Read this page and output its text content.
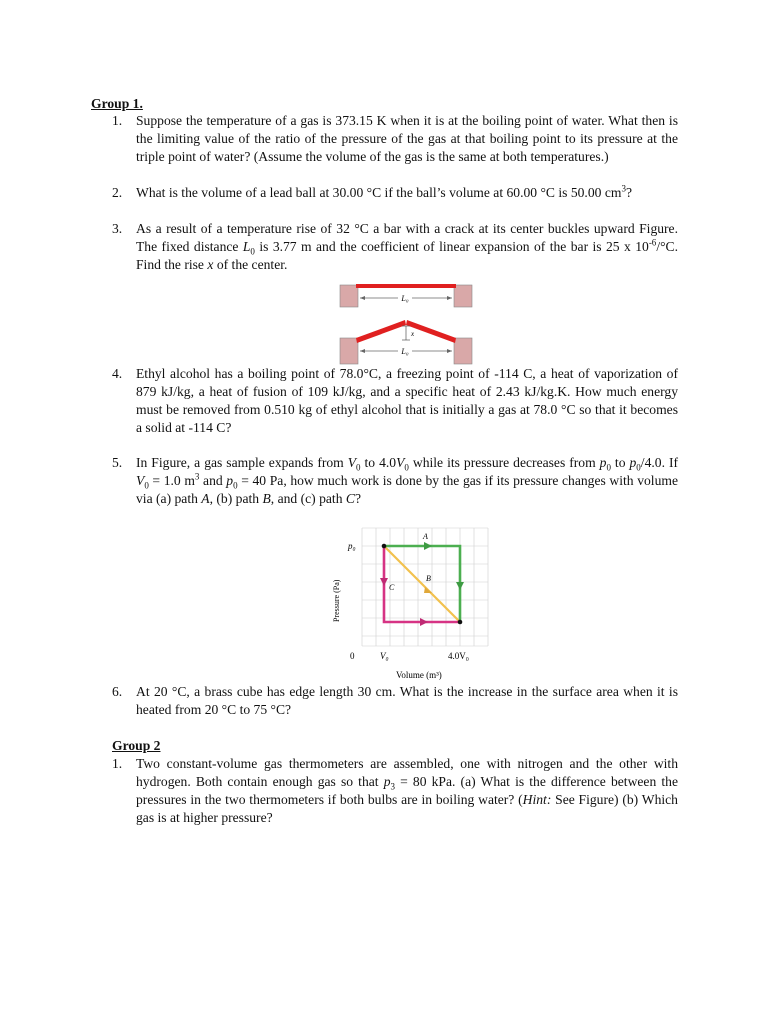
Group 1.
1. Suppose the temperature of a gas is 373.15 K when it is at the boiling point of water. What then is the limiting value of the ratio of the pressure of the gas at that boiling point to its pressure at the triple point of water? (Assume the volume of the gas is the same at both temperatures.)
2. What is the volume of a lead ball at 30.00 °C if the ball’s volume at 60.00 °C is 50.00 $cm^3$?
3. As a result of a temperature rise of 32 °C a bar with a crack at its center buckles upward Figure. The fixed distance $L_0$ is 3.77 m and the coefficient of linear expansion of the bar is 25 x $10^{-6}/^\circ C$. Find the rise x of the center.
L₀
L₀
x
4. Ethyl alcohol has a boiling point of 78.0°C, a freezing point of -114 C, a heat of vaporization of 879 kJ/kg, a heat of fusion of 109 kJ/kg, and a specific heat of 2.43 kJ/kg.K. How much energy must be removed from 0.510 kg of ethyl alcohol that is initially a gas at 78.0 °C so that it becomes a solid at -114 C?
5. In Figure, a gas sample expands from $V_0$ to $4.0V_0$ while its pressure decreases from $p_0$ to $p_0/4.0$. If $V_0 = 1.0$ $m^3$ and $p_0 = 40$ Pa, how much work is done by the gas if its pressure changes with volume via (a) path A, (b) path B, and (c) path C?
A
B
C
p₀
0	V₀	4.0V₀
Volume (m³)
Pressure (Pa)
6. At 20 °C, a brass cube has edge length 30 cm. What is the increase in the surface area when it is heated from 20 °C to 75 °C?
Group 2
1. Two constant-volume gas thermometers are assembled, one with nitrogen and the other with hydrogen. Both contain enough gas so that $p_3 = 80$ kPa. (a) What is the difference between the pressures in the two thermometers if both bulbs are in boiling water? (Hint: See Figure) (b) Which gas is at higher pressure?
